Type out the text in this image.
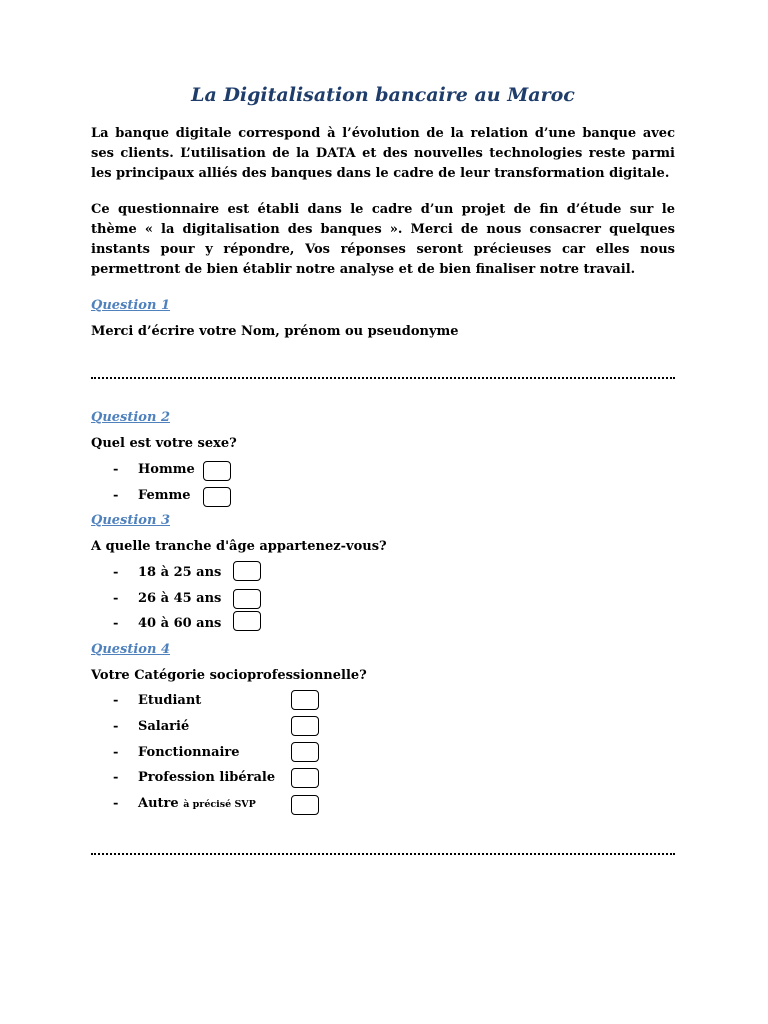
La Digitalisation bancaire au Maroc

La banque digitale correspond à l’évolution de la relation d’une banque avec ses clients. L’utilisation de la DATA et des nouvelles technologies reste parmi les principaux alliés des banques dans le cadre de leur transformation digitale.

Ce questionnaire est établi dans le cadre d’un projet de fin d’étude sur le thème « la digitalisation des banques ». Merci de nous consacrer quelques instants pour y répondre, Vos réponses seront précieuses car elles nous permettront de bien établir notre analyse et de bien finaliser notre travail.

Question 1

Merci d’écrire votre Nom, prénom ou pseudonyme

Question 2

Quel est votre sexe?

- Homme
- Femme

Question 3

A quelle tranche d'âge appartenez-vous?

- 18 à 25 ans
- 26 à 45 ans
- 40 à 60 ans

Question 4

Votre Catégorie socioprofessionnelle?

- Etudiant
- Salarié
- Fonctionnaire
- Profession libérale
- Autre à précisé SVP
